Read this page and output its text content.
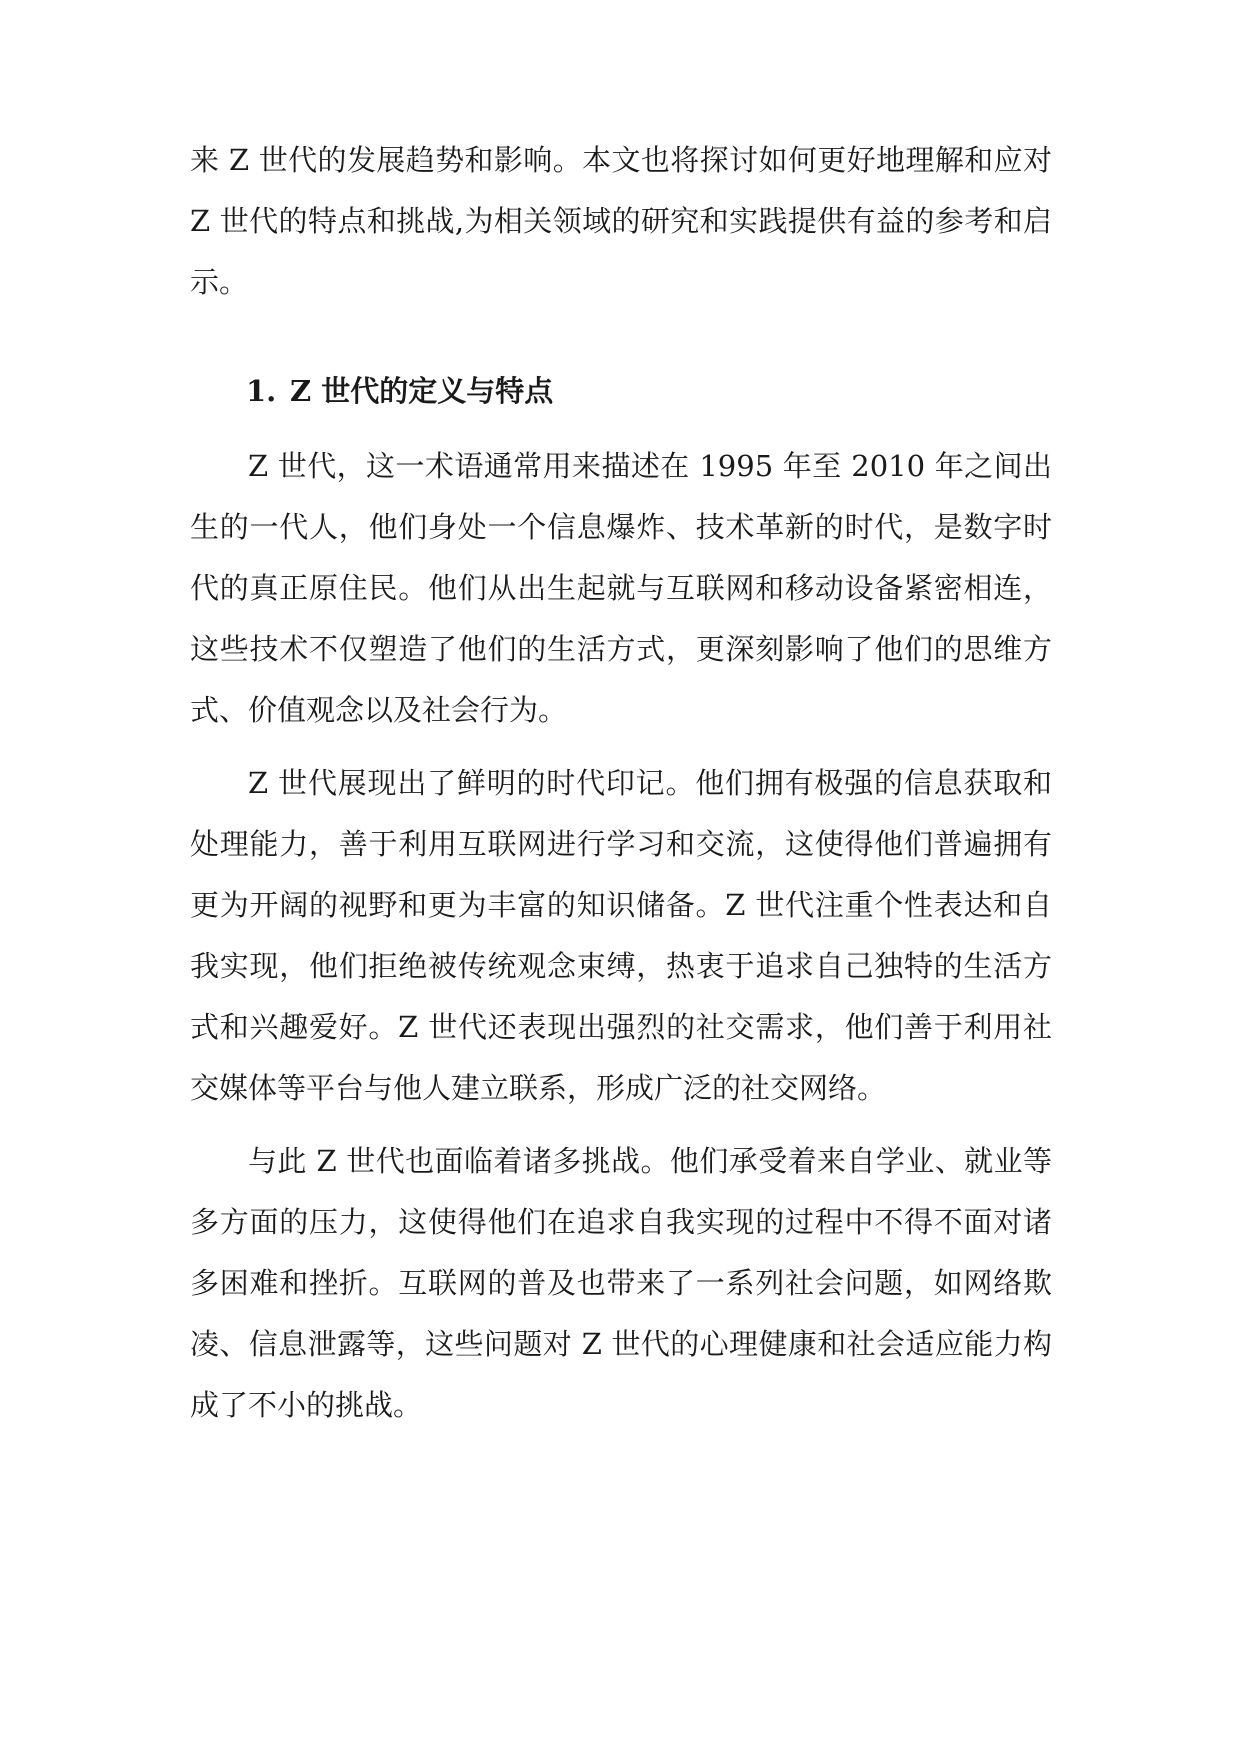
来 Z 世代的发展趋势和影响。本文也将探讨如何更好地理解和应对 Z 世代的特点和挑战,为相关领域的研究和实践提供有益的参考和启示。

1. Z 世代的定义与特点

Z 世代，这一术语通常用来描述在 1995 年至 2010 年之间出生的一代人，他们身处一个信息爆炸、技术革新的时代，是数字时代的真正原住民。他们从出生起就与互联网和移动设备紧密相连，这些技术不仅塑造了他们的生活方式，更深刻影响了他们的思维方式、价值观念以及社会行为。

Z 世代展现出了鲜明的时代印记。他们拥有极强的信息获取和处理能力，善于利用互联网进行学习和交流，这使得他们普遍拥有更为开阔的视野和更为丰富的知识储备。Z 世代注重个性表达和自我实现，他们拒绝被传统观念束缚，热衷于追求自己独特的生活方式和兴趣爱好。Z 世代还表现出强烈的社交需求，他们善于利用社交媒体等平台与他人建立联系，形成广泛的社交网络。

与此 Z 世代也面临着诸多挑战。他们承受着来自学业、就业等多方面的压力，这使得他们在追求自我实现的过程中不得不面对诸多困难和挫折。互联网的普及也带来了一系列社会问题，如网络欺凌、信息泄露等，这些问题对 Z 世代的心理健康和社会适应能力构成了不小的挑战。
